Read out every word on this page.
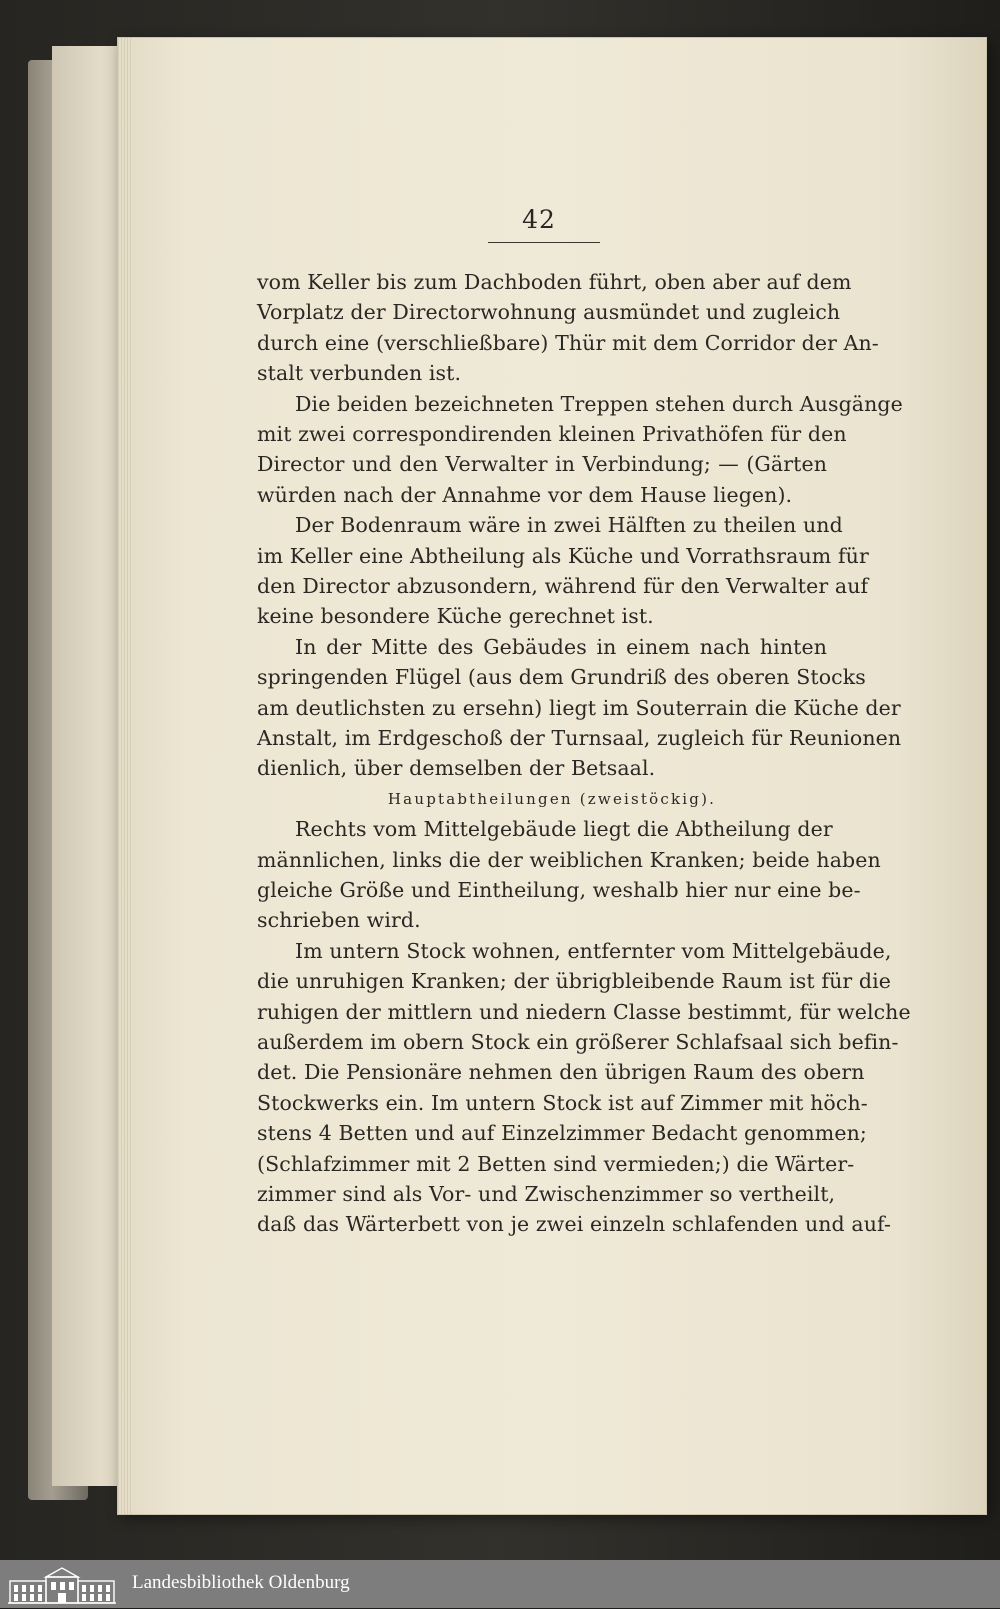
42
vom Keller bis zum Dachboden führt, oben aber auf dem
Vorplatz der Directorwohnung ausmündet und zugleich
durch eine (verschließbare) Thür mit dem Corridor der An-
stalt verbunden ist.
Die beiden bezeichneten Treppen stehen durch Ausgänge
mit zwei correspondirenden kleinen Privathöfen für den
Director und den Verwalter in Verbindung; — (Gärten
würden nach der Annahme vor dem Hause liegen).
Der Bodenraum wäre in zwei Hälften zu theilen und
im Keller eine Abtheilung als Küche und Vorrathsraum für
den Director abzusondern, während für den Verwalter auf
keine besondere Küche gerechnet ist.
In der Mitte des Gebäudes in einem nach hinten
springenden Flügel (aus dem Grundriß des oberen Stocks
am deutlichsten zu ersehn) liegt im Souterrain die Küche der
Anstalt, im Erdgeschoß der Turnsaal, zugleich für Reunionen
dienlich, über demselben der Betsaal.
Hauptabtheilungen (zweistöckig).
Rechts vom Mittelgebäude liegt die Abtheilung der
männlichen, links die der weiblichen Kranken; beide haben
gleiche Größe und Eintheilung, weshalb hier nur eine be-
schrieben wird.
Im untern Stock wohnen, entfernter vom Mittelgebäude,
die unruhigen Kranken; der übrigbleibende Raum ist für die
ruhigen der mittlern und niedern Classe bestimmt, für welche
außerdem im obern Stock ein größerer Schlafsaal sich befin-
det. Die Pensionäre nehmen den übrigen Raum des obern
Stockwerks ein. Im untern Stock ist auf Zimmer mit höch-
stens 4 Betten und auf Einzelzimmer Bedacht genommen;
(Schlafzimmer mit 2 Betten sind vermieden;) die Wärter-
zimmer sind als Vor- und Zwischenzimmer so vertheilt,
daß das Wärterbett von je zwei einzeln schlafenden und auf-
Landesbibliothek Oldenburg
